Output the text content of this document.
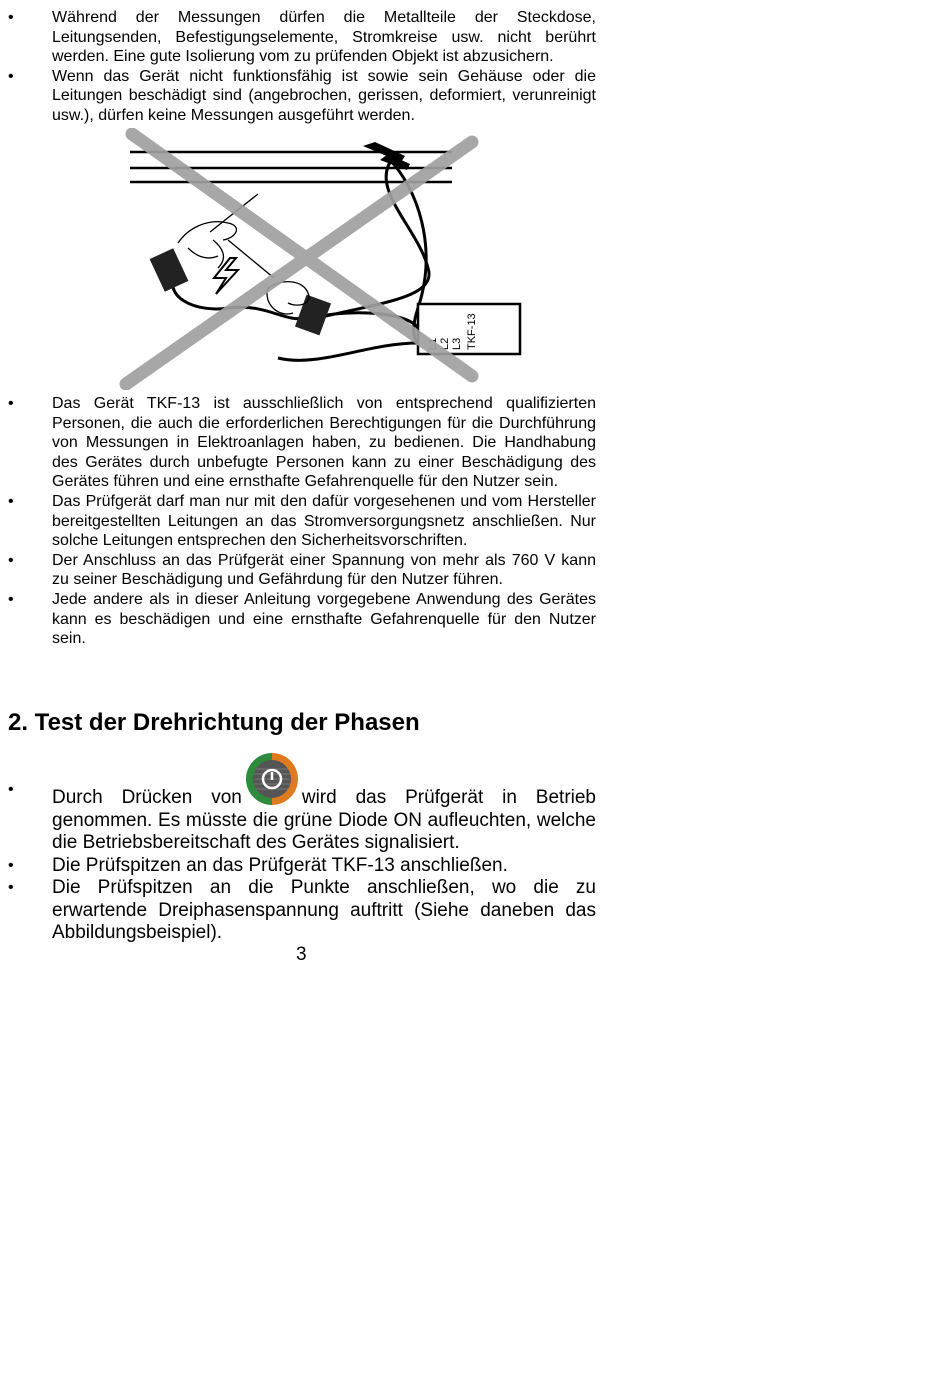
• Während der Messungen dürfen die Metallteile der Steckdose, Leitungsenden, Befestigungselemente, Stromkreise usw. nicht berührt werden. Eine gute Isolierung vom zu prüfenden Objekt ist abzusichern.
• Wenn das Gerät nicht funktionsfähig ist sowie sein Gehäuse oder die Leitungen beschädigt sind (angebrochen, gerissen, deformiert, verunreinigt usw.), dürfen keine Messungen ausgeführt werden.
L2 L3 TKF-13
• Das Gerät TKF-13 ist ausschließlich von entsprechend qualifizierten Personen, die auch die erforderlichen Berechtigungen für die Durchführung von Messungen in Elektroanlagen haben, zu bedienen. Die Handhabung des Gerätes durch unbefugte Personen kann zu einer Beschädigung des Gerätes führen und eine ernsthafte Gefahrenquelle für den Nutzer sein.
• Das Prüfgerät darf man nur mit den dafür vorgesehenen und vom Hersteller bereitgestellten Leitungen an das Stromversorgungsnetz anschließen. Nur solche Leitungen entsprechen den Sicherheitsvorschriften.
• Der Anschluss an das Prüfgerät einer Spannung von mehr als 760 V kann zu seiner Beschädigung und Gefährdung für den Nutzer führen.
• Jede andere als in dieser Anleitung vorgegebene Anwendung des Gerätes kann es beschädigen und eine ernsthafte Gefahrenquelle für den Nutzer sein.
2. Test der Drehrichtung der Phasen
• Durch Drücken von	wird das Prüfgerät in Betrieb genommen. Es müsste die grüne Diode ON aufleuchten, welche die Betriebsbereitschaft des Gerätes signalisiert.
• Die Prüfspitzen an das Prüfgerät TKF-13 anschließen.
• Die Prüfspitzen an die Punkte anschließen, wo die zu erwartende Dreiphasenspannung auftritt (Siehe daneben das Abbildungsbeispiel).
3
